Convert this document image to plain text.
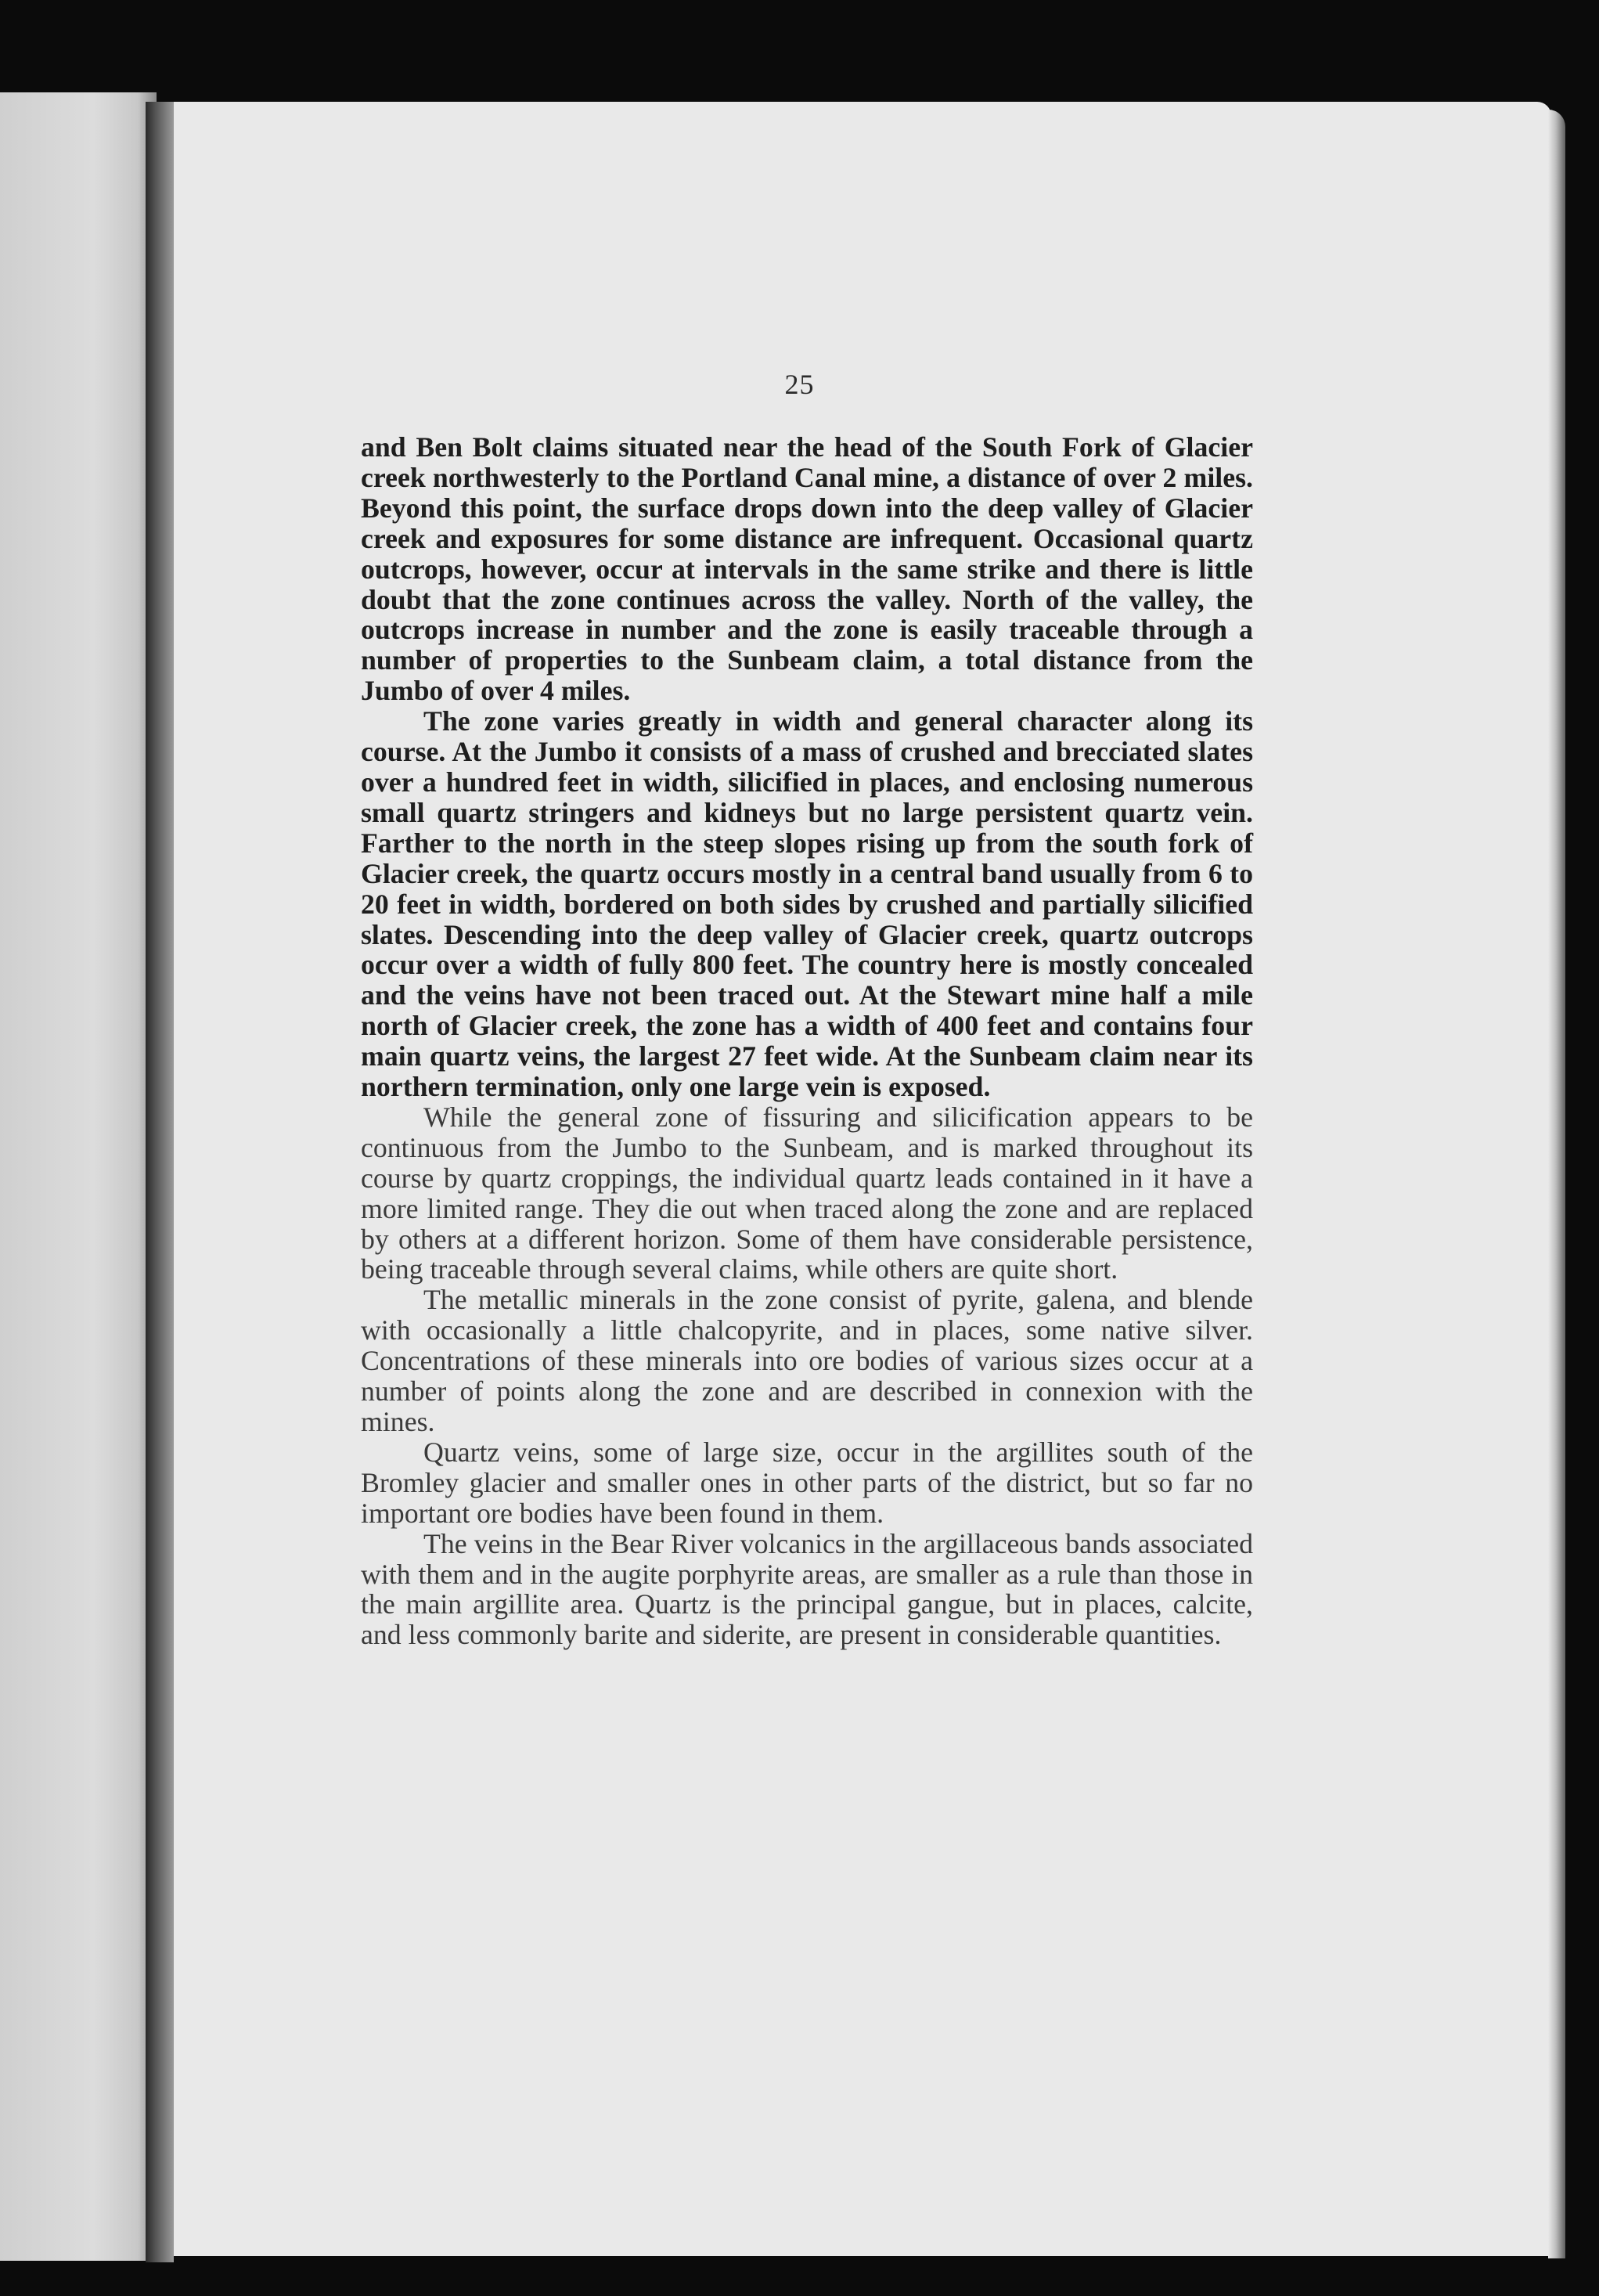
25

and Ben Bolt claims situated near the head of the South Fork of Glacier creek northwesterly to the Portland Canal mine, a distance of over 2 miles. Beyond this point, the surface drops down into the deep valley of Glacier creek and exposures for some distance are infrequent. Occasional quartz outcrops, however, occur at intervals in the same strike and there is little doubt that the zone continues across the valley. North of the valley, the outcrops increase in number and the zone is easily traceable through a number of properties to the Sunbeam claim, a total distance from the Jumbo of over 4 miles.

The zone varies greatly in width and general character along its course. At the Jumbo it consists of a mass of crushed and brecciated slates over a hundred feet in width, silicified in places, and enclosing numerous small quartz stringers and kidneys but no large persistent quartz vein. Farther to the north in the steep slopes rising up from the south fork of Glacier creek, the quartz occurs mostly in a central band usually from 6 to 20 feet in width, bordered on both sides by crushed and partially silicified slates. Descending into the deep valley of Glacier creek, quartz outcrops occur over a width of fully 800 feet. The country here is mostly concealed and the veins have not been traced out. At the Stewart mine half a mile north of Glacier creek, the zone has a width of 400 feet and contains four main quartz veins, the largest 27 feet wide. At the Sunbeam claim near its northern termination, only one large vein is exposed.

While the general zone of fissuring and silicification appears to be continuous from the Jumbo to the Sunbeam, and is marked throughout its course by quartz croppings, the individual quartz leads contained in it have a more limited range. They die out when traced along the zone and are replaced by others at a different horizon. Some of them have considerable persistence, being traceable through several claims, while others are quite short.

The metallic minerals in the zone consist of pyrite, galena, and blende with occasionally a little chalcopyrite, and in places, some native silver. Concentrations of these minerals into ore bodies of various sizes occur at a number of points along the zone and are described in connexion with the mines.

Quartz veins, some of large size, occur in the argillites south of the Bromley glacier and smaller ones in other parts of the district, but so far no important ore bodies have been found in them.

The veins in the Bear River volcanics in the argillaceous bands associated with them and in the augite porphyrite areas, are smaller as a rule than those in the main argillite area. Quartz is the principal gangue, but in places, calcite, and less commonly barite and siderite, are present in considerable quantities.
